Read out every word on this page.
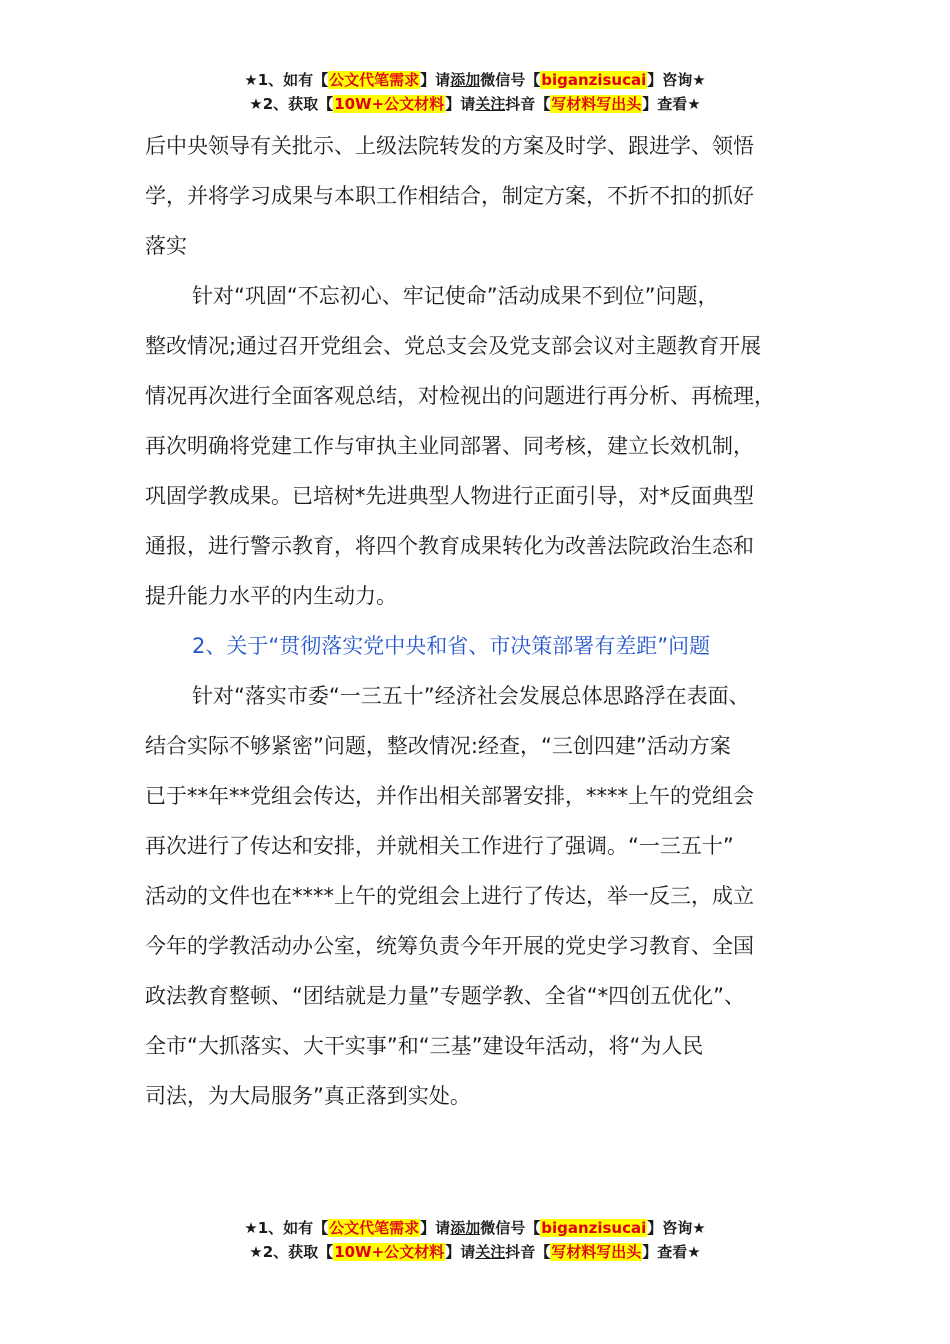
★1、如有【公文代笔需求】请添加微信号【biganzisucai】咨询★
★2、获取【10W+公文材料】请关注抖音【写材料写出头】查看★

后中央领导有关批示、上级法院转发的方案及时学、跟进学、领悟

学，并将学习成果与本职工作相结合，制定方案，不折不扣的抓好

落实

针对“巩固“不忘初心、牢记使命”活动成果不到位”问题，

整改情况;通过召开党组会、党总支会及党支部会议对主题教育开展

情况再次进行全面客观总结，对检视出的问题进行再分析、再梳理，

再次明确将党建工作与审执主业同部署、同考核，建立长效机制，

巩固学教成果。已培树*先进典型人物进行正面引导，对*反面典型

通报，进行警示教育，将四个教育成果转化为改善法院政治生态和

提升能力水平的内生动力。

2、关于“贯彻落实党中央和省、市决策部署有差距”问题

针对“落实市委“一三五十”经济社会发展总体思路浮在表面、

结合实际不够紧密”问题，整改情况:经查，“三创四建”活动方案

已于**年**党组会传达，并作出相关部署安排，****上午的党组会

再次进行了传达和安排，并就相关工作进行了强调。“一三五十”

活动的文件也在****上午的党组会上进行了传达，举一反三，成立

今年的学教活动办公室，统筹负责今年开展的党史学习教育、全国

政法教育整顿、“团结就是力量”专题学教、全省“*四创五优化”、

全市“大抓落实、大干实事”和“三基”建设年活动，将“为人民

司法，为大局服务”真正落到实处。

★1、如有【公文代笔需求】请添加微信号【biganzisucai】咨询★
★2、获取【10W+公文材料】请关注抖音【写材料写出头】查看★
